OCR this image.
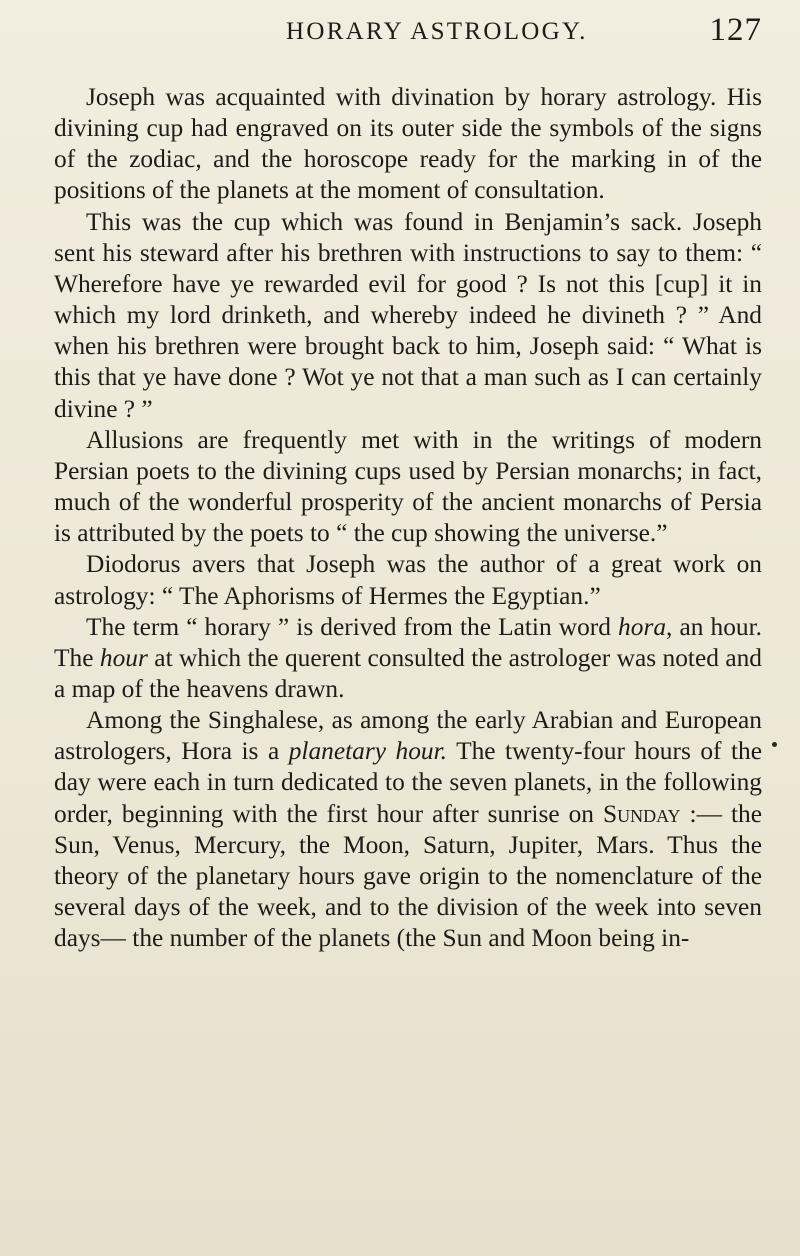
HORARY ASTROLOGY.	127

Joseph was acquainted with divination by horary astrology. His divining cup had engraved on its outer side the symbols of the signs of the zodiac, and the horoscope ready for the marking in of the positions of the planets at the moment of consultation.

This was the cup which was found in Benjamin’s sack. Joseph sent his steward after his brethren with instructions to say to them: “ Wherefore have ye rewarded evil for good ? Is not this [cup] it in which my lord drinketh, and whereby indeed he divineth ? ” And when his brethren were brought back to him, Joseph said: “ What is this that ye have done ? Wot ye not that a man such as I can certainly divine ? ”

Allusions are frequently met with in the writings of modern Persian poets to the divining cups used by Persian monarchs; in fact, much of the wonderful prosperity of the ancient monarchs of Persia is attributed by the poets to “ the cup showing the universe.”

Diodorus avers that Joseph was the author of a great work on astrology: “ The Aphorisms of Hermes the Egyptian.”

The term “ horary ” is derived from the Latin word hora, an hour. The hour at which the querent consulted the astrologer was noted and a map of the heavens drawn.

Among the Singhalese, as among the early Arabian and European astrologers, Hora is a planetary hour. The twenty-four hours of the day were each in turn dedicated to the seven planets, in the following order, beginning with the first hour after sunrise on Sunday :— the Sun, Venus, Mercury, the Moon, Saturn, Jupiter, Mars. Thus the theory of the planetary hours gave origin to the nomenclature of the several days of the week, and to the division of the week into seven days— the number of the planets (the Sun and Moon being in-
